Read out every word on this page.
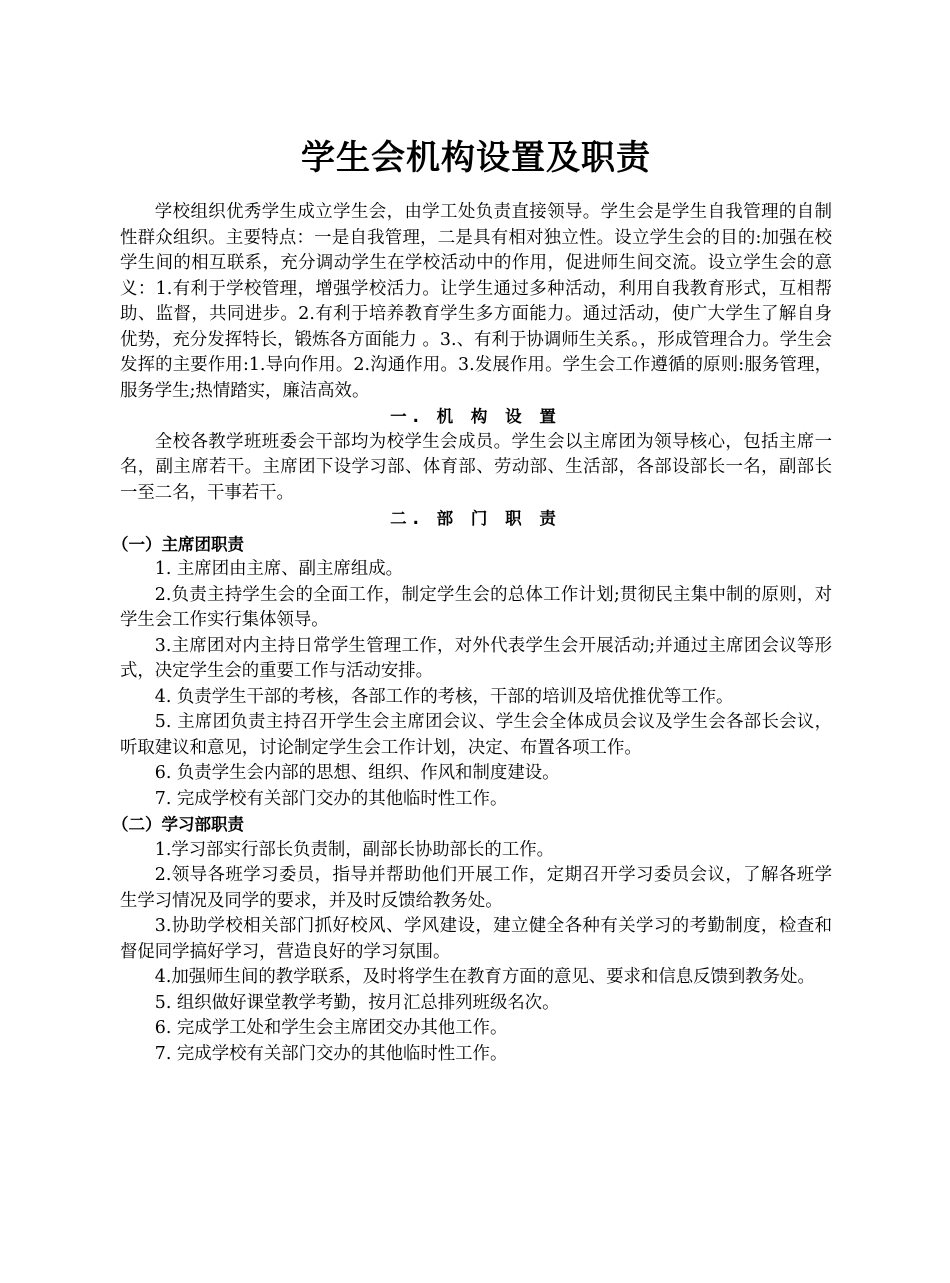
学生会机构设置及职责

学校组织优秀学生成立学生会，由学工处负责直接领导。学生会是学生自我管理的自制性群众组织。主要特点：一是自我管理，二是具有相对独立性。设立学生会的目的:加强在校学生间的相互联系，充分调动学生在学校活动中的作用，促进师生间交流。设立学生会的意义：1.有利于学校管理，增强学校活力。让学生通过多种活动，利用自我教育形式，互相帮助、监督，共同进步。2.有利于培养教育学生多方面能力。通过活动，使广大学生了解自身优势，充分发挥特长，锻炼各方面能力 。3.、有利于协调师生关系。，形成管理合力。学生会发挥的主要作用:1.导向作用。2.沟通作用。3.发展作用。学生会工作遵循的原则:服务管理，服务学生;热情踏实，廉洁高效。

一. 机 构 设 置

全校各教学班班委会干部均为校学生会成员。学生会以主席团为领导核心，包括主席一名，副主席若干。主席团下设学习部、体育部、劳动部、生活部，各部设部长一名，副部长一至二名，干事若干。

二. 部 门 职 责

（一）主席团职责

1. 主席团由主席、副主席组成。

2.负责主持学生会的全面工作，制定学生会的总体工作计划;贯彻民主集中制的原则，对学生会工作实行集体领导。

3.主席团对内主持日常学生管理工作，对外代表学生会开展活动;并通过主席团会议等形式，决定学生会的重要工作与活动安排。

4. 负责学生干部的考核，各部工作的考核，干部的培训及培优推优等工作。

5. 主席团负责主持召开学生会主席团会议、学生会全体成员会议及学生会各部长会议，听取建议和意见，讨论制定学生会工作计划，决定、布置各项工作。

6. 负责学生会内部的思想、组织、作风和制度建设。

7. 完成学校有关部门交办的其他临时性工作。

（二）学习部职责

1.学习部实行部长负责制，副部长协助部长的工作。

2.领导各班学习委员，指导并帮助他们开展工作，定期召开学习委员会议，了解各班学生学习情况及同学的要求，并及时反馈给教务处。

3.协助学校相关部门抓好校风、学风建设，建立健全各种有关学习的考勤制度，检查和督促同学搞好学习，营造良好的学习氛围。

4.加强师生间的教学联系，及时将学生在教育方面的意见、要求和信息反馈到教务处。

5. 组织做好课堂教学考勤，按月汇总排列班级名次。

6. 完成学工处和学生会主席团交办其他工作。

7. 完成学校有关部门交办的其他临时性工作。
